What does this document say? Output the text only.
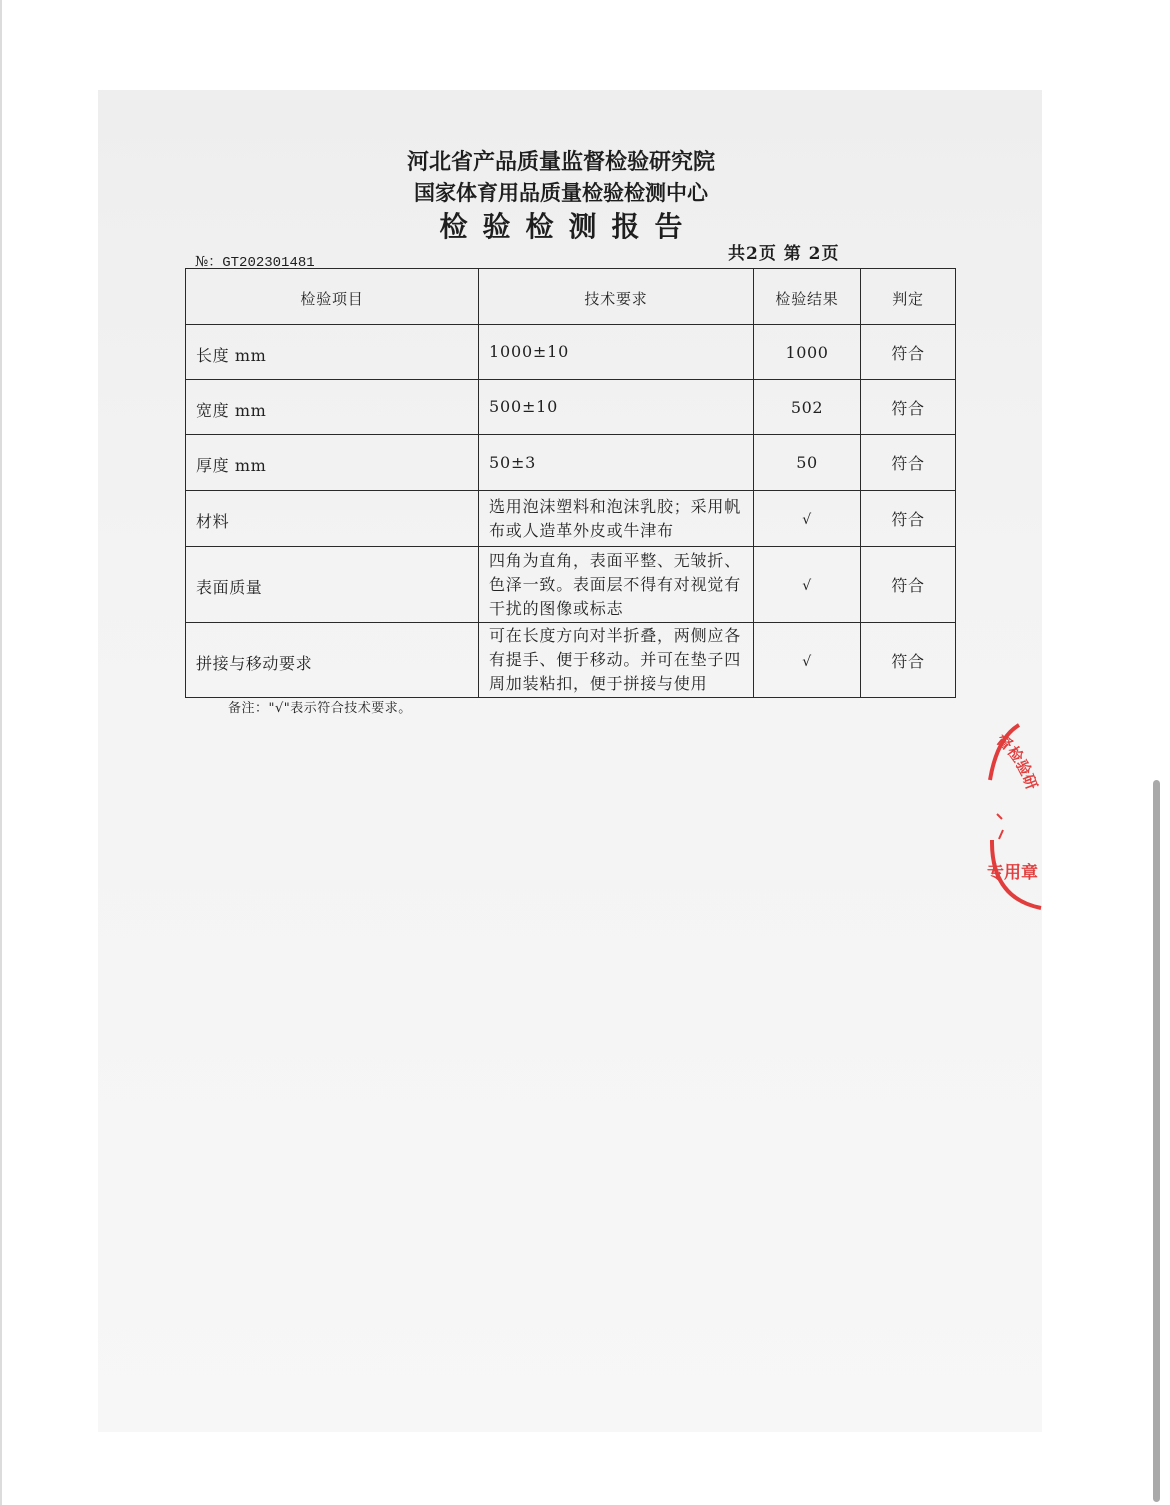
河北省产品质量监督检验研究院
国家体育用品质量检验检测中心
检验检测报告
№：GT202301481	共2页 第 2页
检验项目	技术要求	检验结果	判定
长度 mm	1000±10	1000	符合
宽度 mm	500±10	502	符合
厚度 mm	50±3	50	符合
材料	选用泡沫塑料和泡沫乳胶；采用帆
布或人造革外皮或牛津布	√	符合
表面质量	四角为直角，表面平整、无皱折、
色泽一致。表面层不得有对视觉有
干扰的图像或标志	√	符合
拼接与移动要求	可在长度方向对半折叠，两侧应各
有提手、便于移动。并可在垫子四
周加装粘扣，便于拼接与使用	√	符合
备注："√"表示符合技术要求。
督检验研
专用章
